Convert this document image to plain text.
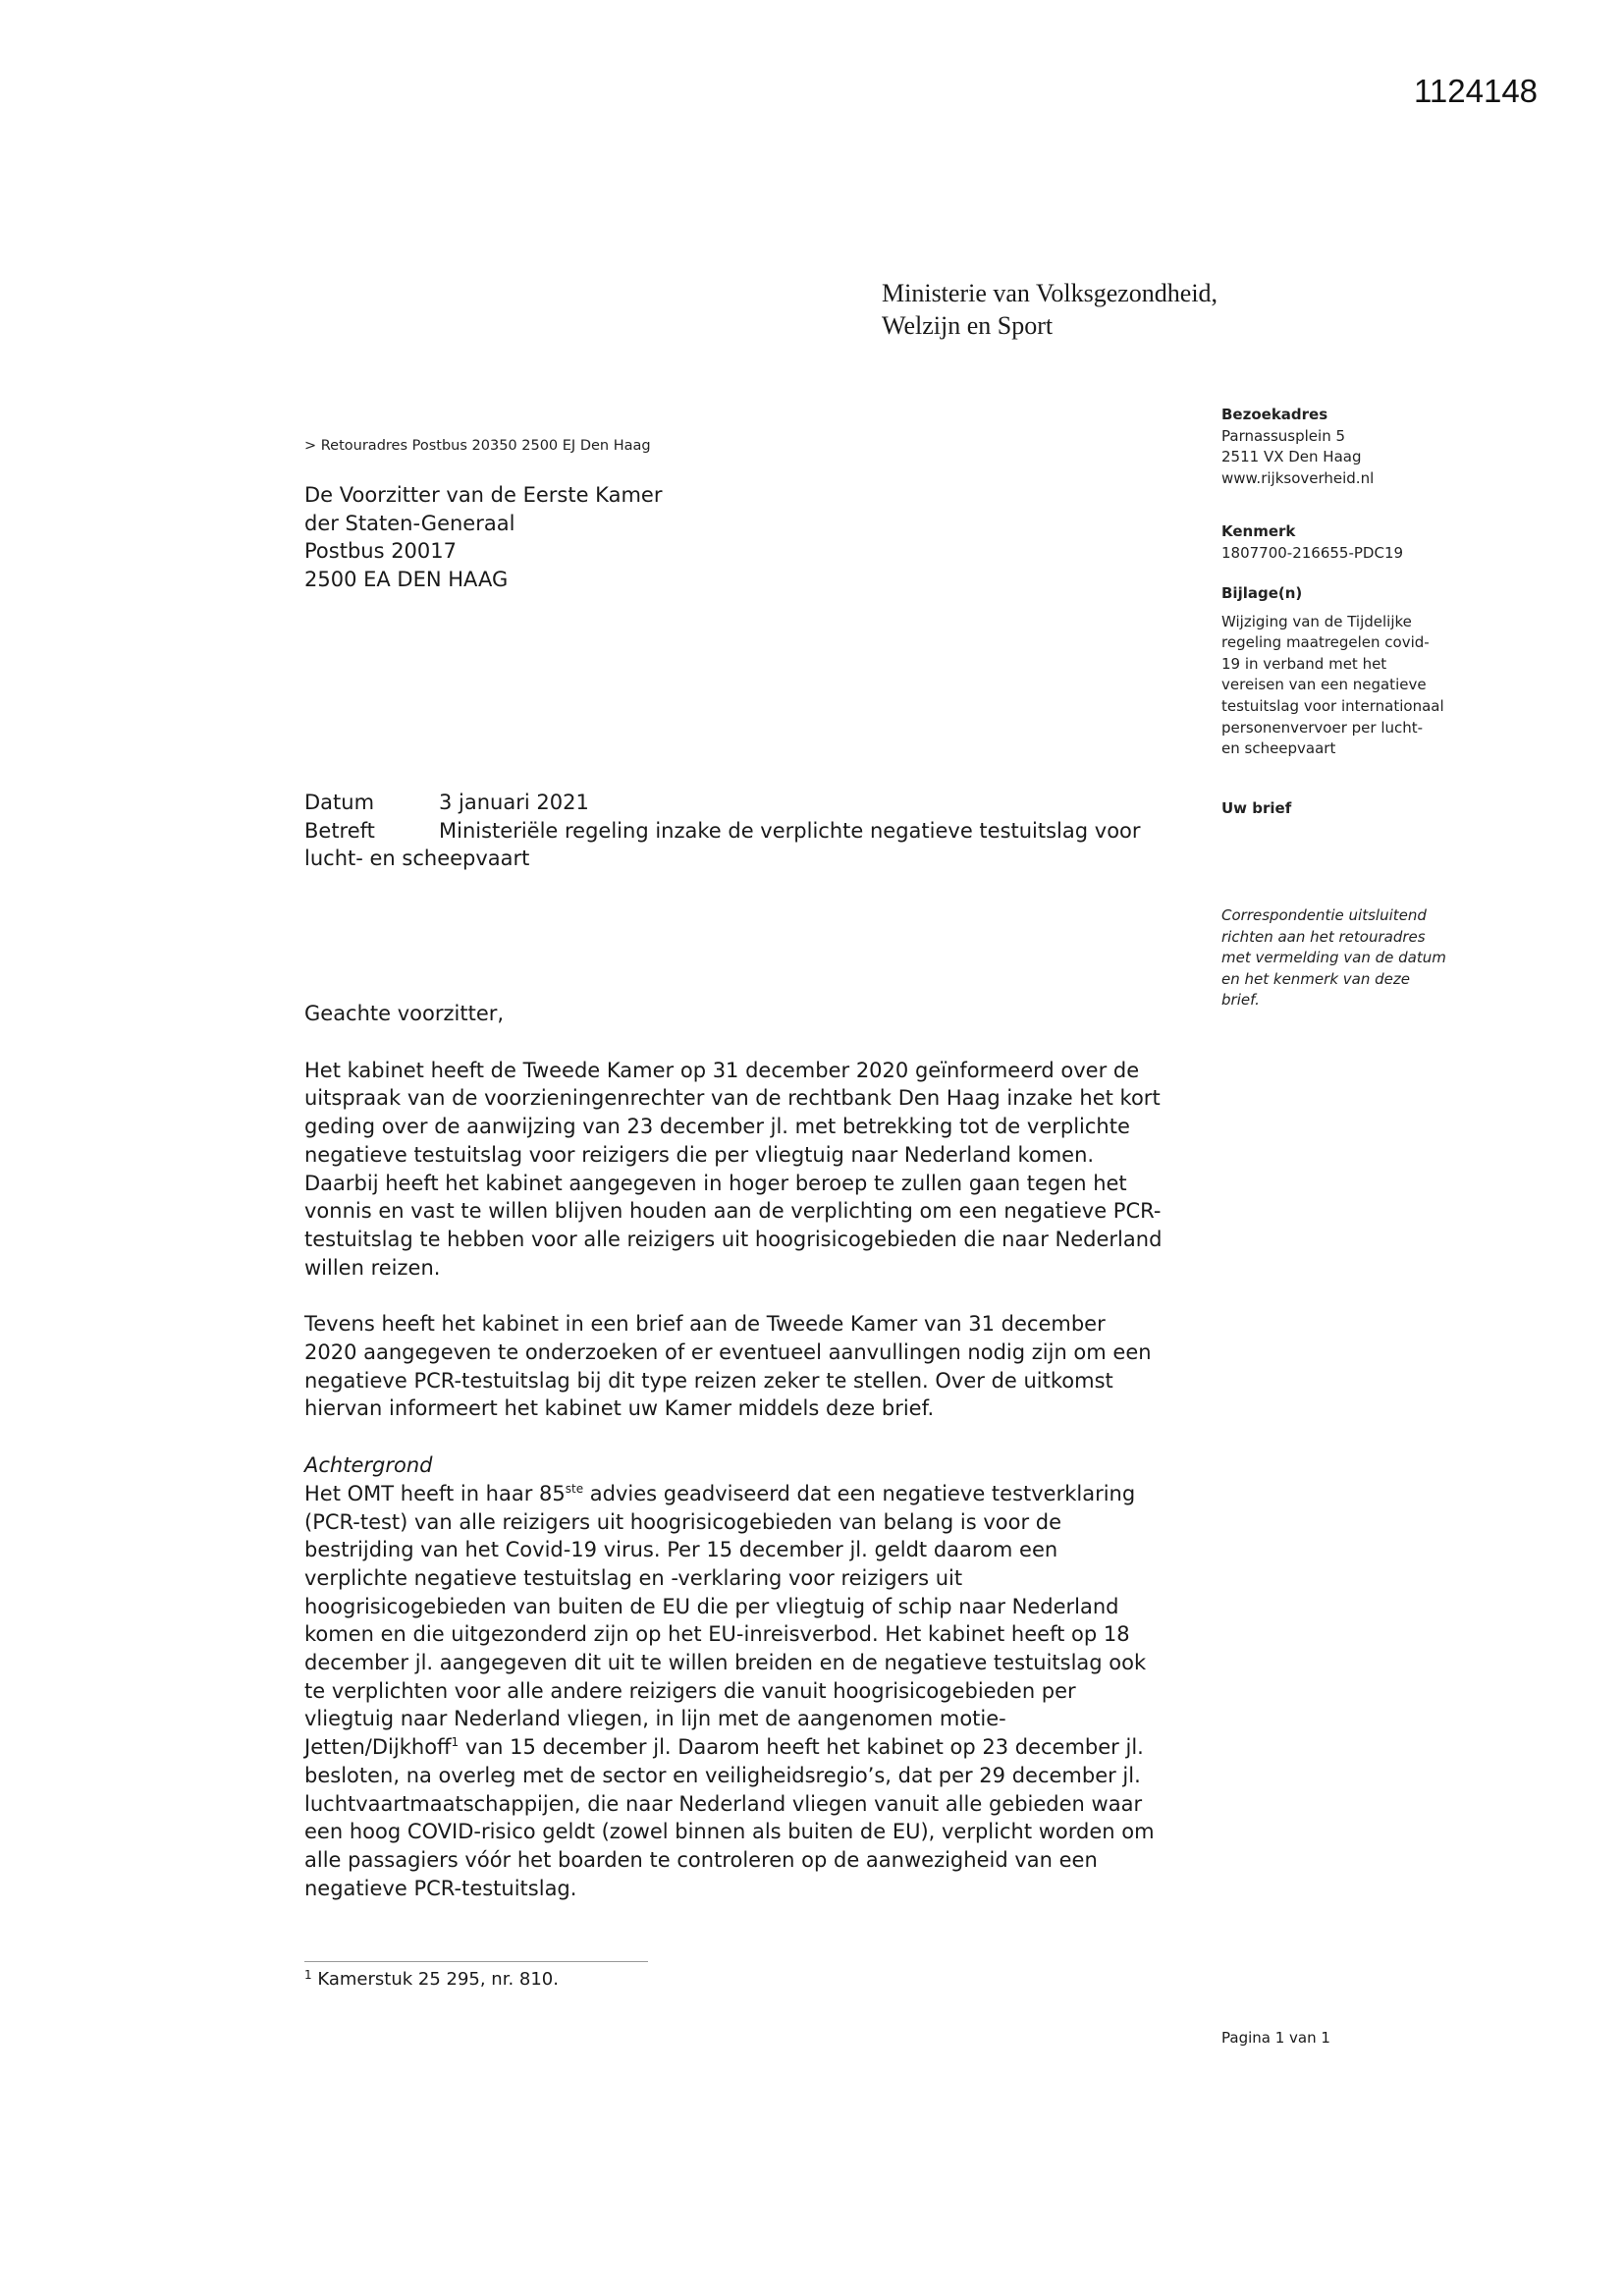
1124148
Ministerie van Volksgezondheid,
Welzijn en Sport

Bezoekadres

Parnassusplein 5

2511 VX Den Haag

www.rijksoverheid.nl

Kenmerk

1807700-216655-PDC19

Bijlage(n)

Wijziging van de Tijdelijke

regeling maatregelen covid-

19 in verband met het

vereisen van een negatieve

testuitslag voor internationaal

personenvervoer per lucht-

en scheepvaart

Uw brief

Correspondentie uitsluitend

richten aan het retouradres

met vermelding van de datum

en het kenmerk van deze

brief.

> Retouradres Postbus 20350 2500 EJ Den Haag
De Voorzitter van de Eerste Kamer
der Staten-Generaal
Postbus 20017
2500 EA DEN HAAG
Datum	3 januari 2021
Betreft	Ministeriële regeling inzake de verplichte negatieve testuitslag voor
lucht- en scheepvaart

Geachte voorzitter,

Het kabinet heeft de Tweede Kamer op 31 december 2020 geïnformeerd over de
uitspraak van de voorzieningenrechter van de rechtbank Den Haag inzake het kort
geding over de aanwijzing van 23 december jl. met betrekking tot de verplichte
negatieve testuitslag voor reizigers die per vliegtuig naar Nederland komen.
Daarbij heeft het kabinet aangegeven in hoger beroep te zullen gaan tegen het
vonnis en vast te willen blijven houden aan de verplichting om een negatieve PCR-
testuitslag te hebben voor alle reizigers uit hoogrisicogebieden die naar Nederland
willen reizen.

Tevens heeft het kabinet in een brief aan de Tweede Kamer van 31 december
2020 aangegeven te onderzoeken of er eventueel aanvullingen nodig zijn om een
negatieve PCR-testuitslag bij dit type reizen zeker te stellen. Over de uitkomst
hiervan informeert het kabinet uw Kamer middels deze brief.

Achtergrond
Het OMT heeft in haar 85ste advies geadviseerd dat een negatieve testverklaring
(PCR-test) van alle reizigers uit hoogrisicogebieden van belang is voor de
bestrijding van het Covid-19 virus. Per 15 december jl. geldt daarom een
verplichte negatieve testuitslag en -verklaring voor reizigers uit
hoogrisicogebieden van buiten de EU die per vliegtuig of schip naar Nederland
komen en die uitgezonderd zijn op het EU-inreisverbod. Het kabinet heeft op 18
december jl. aangegeven dit uit te willen breiden en de negatieve testuitslag ook
te verplichten voor alle andere reizigers die vanuit hoogrisicogebieden per
vliegtuig naar Nederland vliegen, in lijn met de aangenomen motie-
Jetten/Dijkhoff$^1$ van 15 december jl. Daarom heeft het kabinet op 23 december jl.
besloten, na overleg met de sector en veiligheidsregio’s, dat per 29 december jl.
luchtvaartmaatschappijen, die naar Nederland vliegen vanuit alle gebieden waar
een hoog COVID-risico geldt (zowel binnen als buiten de EU), verplicht worden om
alle passagiers vóór het boarden te controleren op de aanwezigheid van een
negatieve PCR-testuitslag.

$^1$ Kamerstuk 25 295, nr. 810.
Pagina 1 van 1
